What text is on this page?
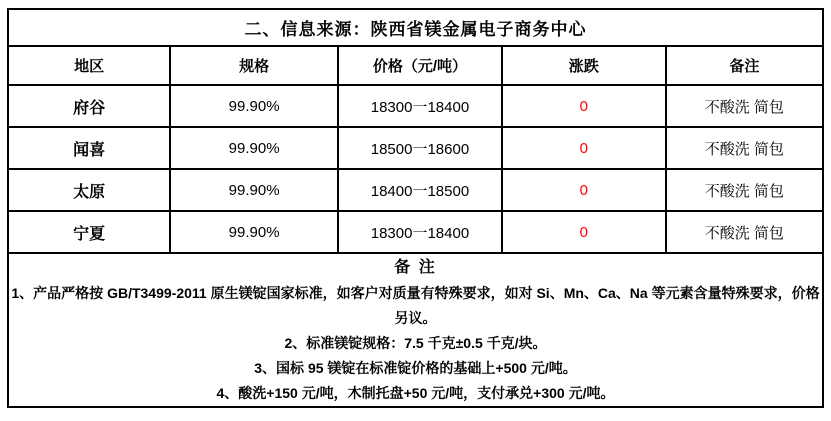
二、信息来源：陕西省镁金属电子商务中心				
地区	规格	价格（元/吨）	涨跌	备注
府谷	99.90%	18300一18400	0	不酸洗 简包
闻喜	99.90%	18500一18600	0	不酸洗 简包
太原	99.90%	18400一18500	0	不酸洗 简包
宁夏	99.90%	18300一18400	0	不酸洗 简包

备 注
1、产品严格按 GB/T3499-2011 原生镁锭国家标准，如客户对质量有特殊要求，如对 Si、Mn、Ca、Na 等元素含量特殊要求，价格另议。
2、标准镁锭规格：7.5 千克±0.5 千克/块。
3、国标 95 镁锭在标准锭价格的基础上+500 元/吨。
4、酸洗+150 元/吨，木制托盘+50 元/吨，支付承兑+300 元/吨。				
